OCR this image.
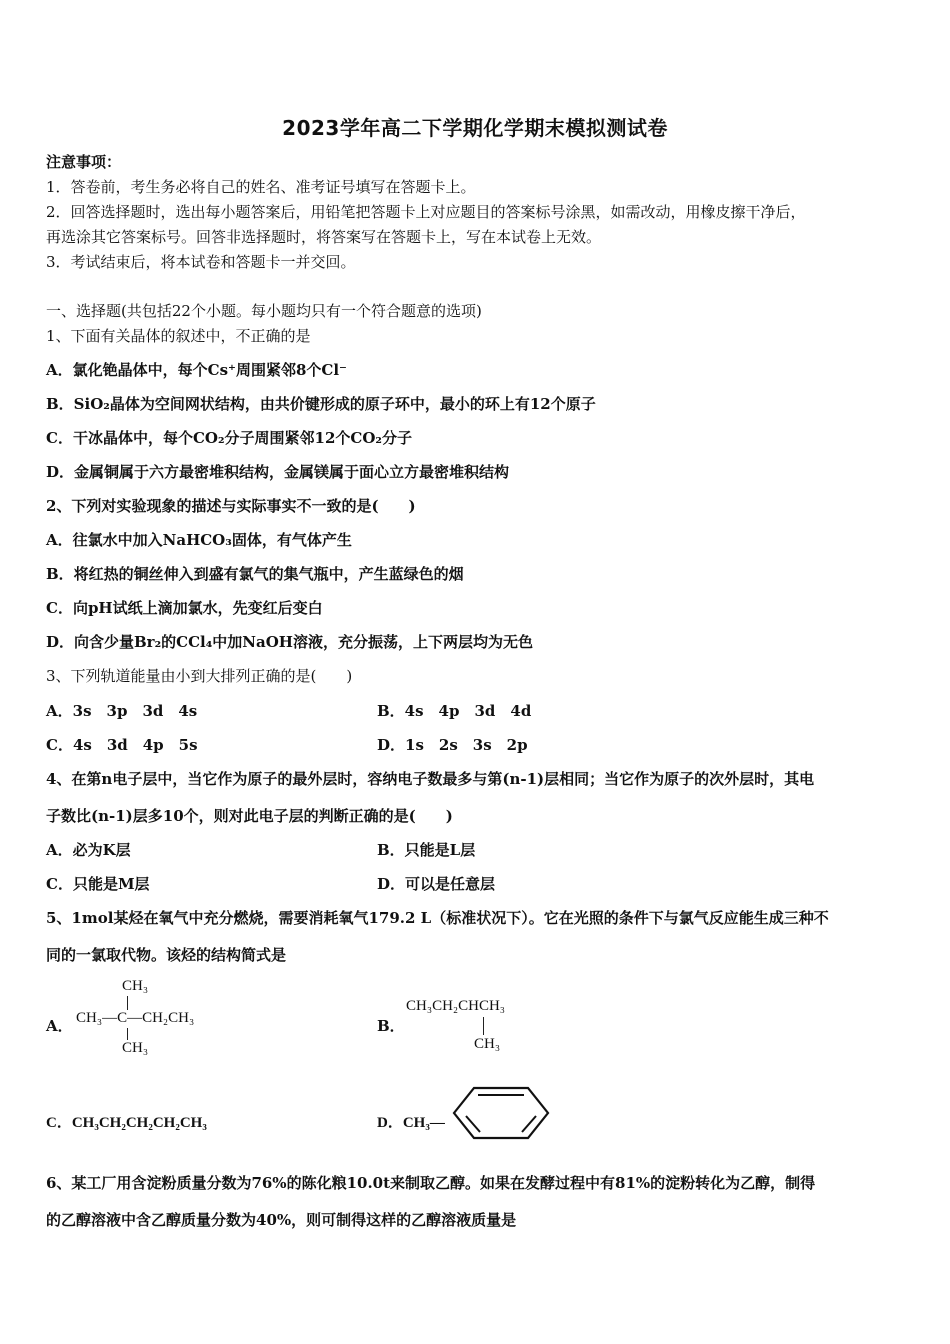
2023学年高二下学期化学期末模拟测试卷
注意事项：
1．答卷前，考生务必将自己的姓名、准考证号填写在答题卡上。
2．回答选择题时，选出每小题答案后，用铅笔把答题卡上对应题目的答案标号涂黑，如需改动，用橡皮擦干净后，
再选涂其它答案标号。回答非选择题时，将答案写在答题卡上，写在本试卷上无效。
3．考试结束后，将本试卷和答题卡一并交回。
一、选择题(共包括22个小题。每小题均只有一个符合题意的选项)
1、下面有关晶体的叙述中，不正确的是
A．氯化铯晶体中，每个Cs⁺周围紧邻8个Cl⁻
B．SiO₂晶体为空间网状结构，由共价键形成的原子环中，最小的环上有12个原子
C．干冰晶体中，每个CO₂分子周围紧邻12个CO₂分子
D．金属铜属于六方最密堆积结构，金属镁属于面心立方最密堆积结构
2、下列对实验现象的描述与实际事实不一致的是(　　)
A．往氯水中加入NaHCO₃固体，有气体产生
B．将红热的铜丝伸入到盛有氯气的集气瓶中，产生蓝绿色的烟
C．向pH试纸上滴加氯水，先变红后变白
D．向含少量Br₂的CCl₄中加NaOH溶液，充分振荡，上下两层均为无色
3、下列轨道能量由小到大排列正确的是(　　)
A．3s　3p　3d　4s	B．4s　4p　3d　4d
C．4s　3d　4p　5s	D．1s　2s　3s　2p
4、在第n电子层中，当它作为原子的最外层时，容纳电子数最多与第(n-1)层相同；当它作为原子的次外层时，其电
子数比(n-1)层多10个，则对此电子层的判断正确的是(　　)
A．必为K层	B．只能是L层
C．只能是M层	D．可以是任意层
5、1mol某烃在氧气中充分燃烧，需要消耗氧气179.2 L（标准状况下）。它在光照的条件下与氯气反应能生成三种不
同的一氯取代物。该烃的结构简式是
A．
CH₃
CH₃—C—CH₂CH₃
CH₃
B．
CH₃CH₂CHCH₃
CH₃
C．CH₃CH₂CH₂CH₂CH₃	D．CH₃—
6、某工厂用含淀粉质量分数为76%的陈化粮10.0t来制取乙醇。如果在发酵过程中有81%的淀粉转化为乙醇，制得
的乙醇溶液中含乙醇质量分数为40%，则可制得这样的乙醇溶液质量是
